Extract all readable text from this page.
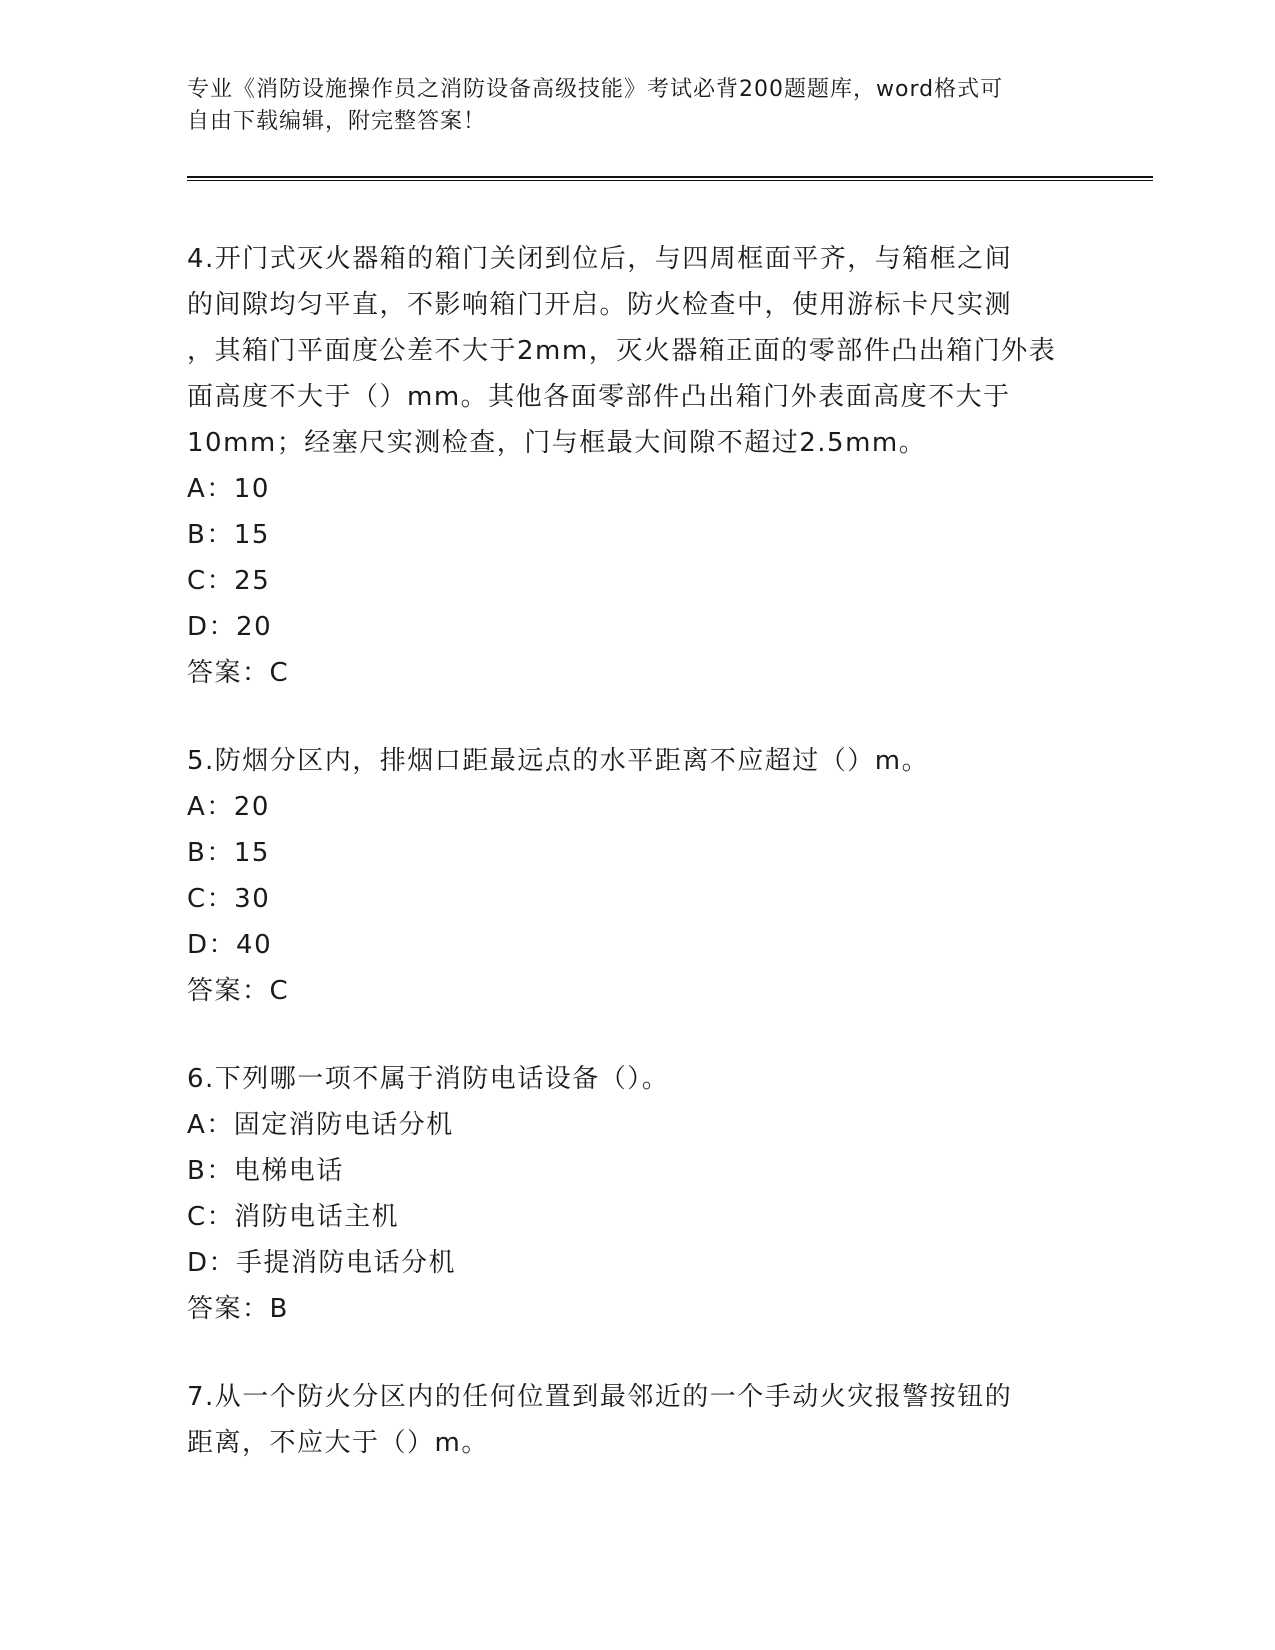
专业《消防设施操作员之消防设备高级技能》考试必背200题题库，word格式可
自由下载编辑，附完整答案！
4.开门式灭火器箱的箱门关闭到位后，与四周框面平齐，与箱框之间
的间隙均匀平直，不影响箱门开启。防火检查中，使用游标卡尺实测
，其箱门平面度公差不大于2mm，灭火器箱正面的零部件凸出箱门外表
面高度不大于（）mm。其他各面零部件凸出箱门外表面高度不大于
10mm；经塞尺实测检查，门与框最大间隙不超过2.5mm。
A：10
B：15
C：25
D：20
答案：C
5.防烟分区内，排烟口距最远点的水平距离不应超过（）m。
A：20
B：15
C：30
D：40
答案：C
6.下列哪一项不属于消防电话设备（）。
A：固定消防电话分机
B：电梯电话
C：消防电话主机
D：手提消防电话分机
答案：B
7.从一个防火分区内的任何位置到最邻近的一个手动火灾报警按钮的
距离，不应大于（）m。
